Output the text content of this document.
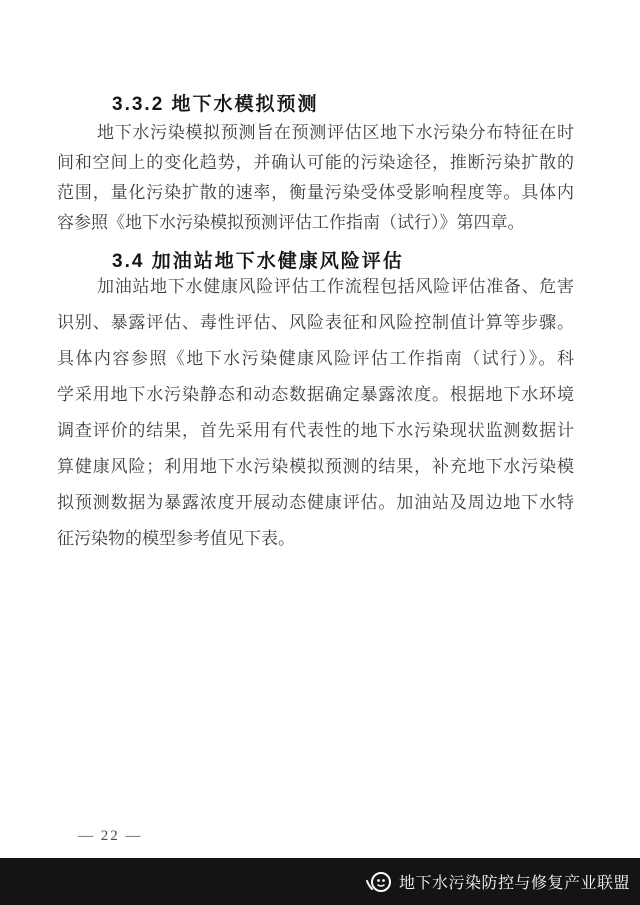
3.3.2 地下水模拟预测
地下水污染模拟预测旨在预测评估区地下水污染分布特征在时
间和空间上的变化趋势，并确认可能的污染途径，推断污染扩散的
范围，量化污染扩散的速率，衡量污染受体受影响程度等。具体内
容参照《地下水污染模拟预测评估工作指南（试行）》第四章。
3.4 加油站地下水健康风险评估
加油站地下水健康风险评估工作流程包括风险评估准备、危害
识别、暴露评估、毒性评估、风险表征和风险控制值计算等步骤。
具体内容参照《地下水污染健康风险评估工作指南（试行）》。科
学采用地下水污染静态和动态数据确定暴露浓度。根据地下水环境
调查评价的结果，首先采用有代表性的地下水污染现状监测数据计
算健康风险；利用地下水污染模拟预测的结果，补充地下水污染模
拟预测数据为暴露浓度开展动态健康评估。加油站及周边地下水特
征污染物的模型参考值见下表。
— 22 —
地下水污染防控与修复产业联盟
